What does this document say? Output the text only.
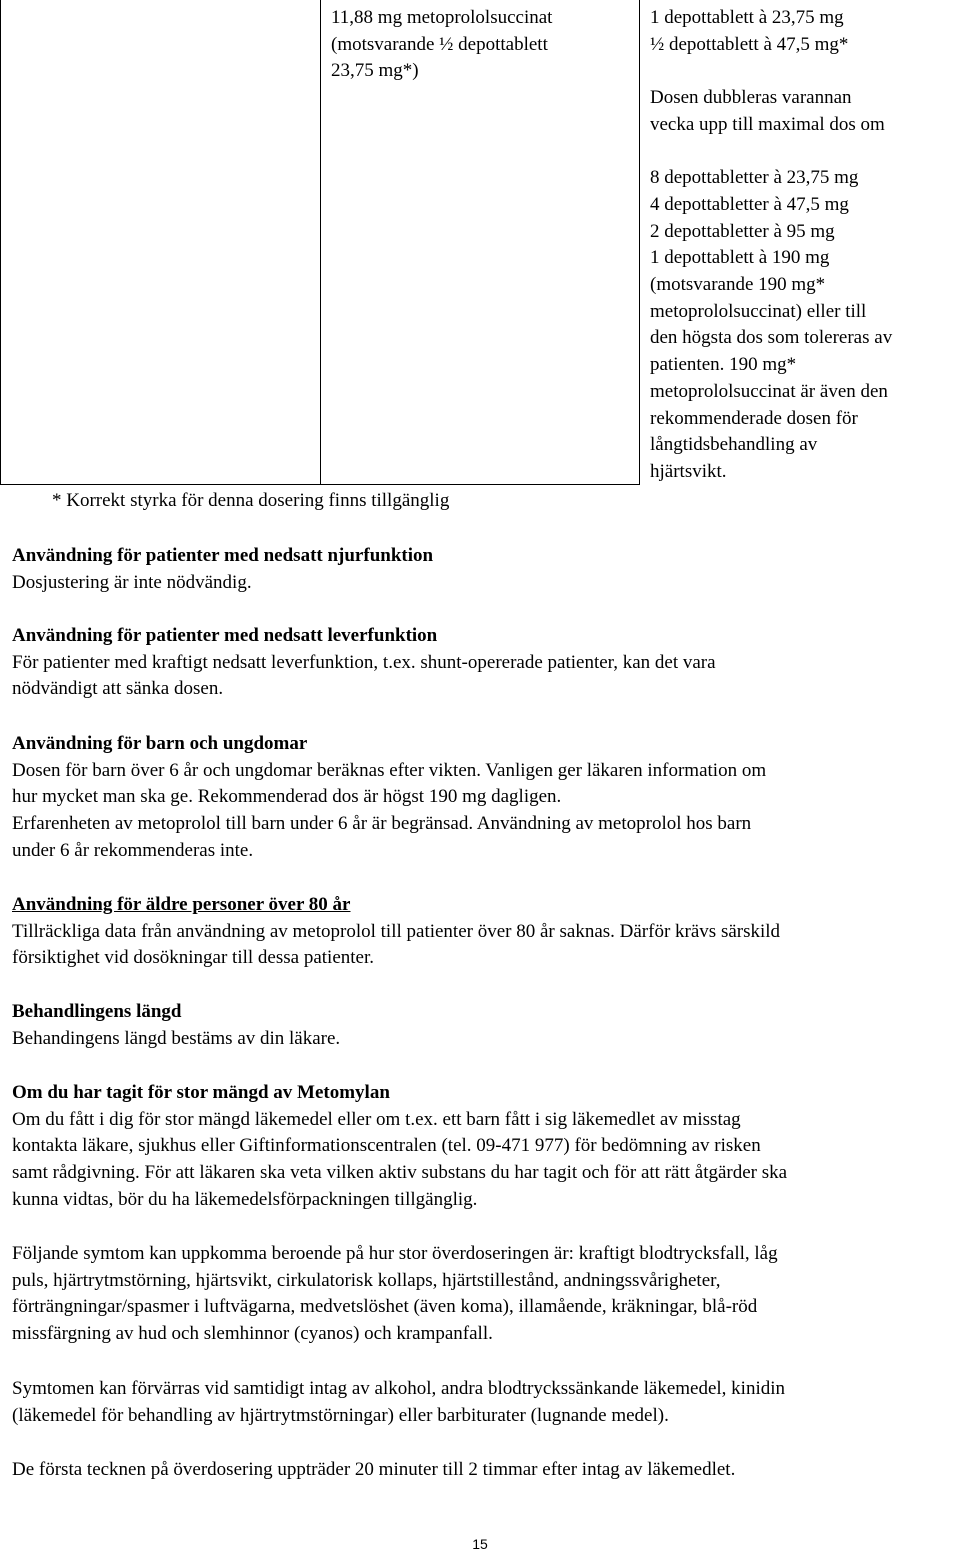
11,88 mg metoprololsuccinat
(motsvarande ½ depottablett
23,75 mg*)
1 depottablett à 23,75 mg
½ depottablett à 47,5 mg*
Dosen dubbleras varannan
vecka upp till maximal dos om
8 depottabletter à 23,75 mg
4 depottabletter à 47,5 mg
2 depottabletter à 95 mg
1 depottablett à 190 mg
(motsvarande 190 mg*
metoprololsuccinat) eller till
den högsta dos som tolereras av
patienten. 190 mg*
metoprololsuccinat är även den
rekommenderade dosen för
långtidsbehandling av
hjärtsvikt.
* Korrekt styrka för denna dosering finns tillgänglig
Användning för patienter med nedsatt njurfunktion
Dosjustering är inte nödvändig.
Användning för patienter med nedsatt leverfunktion
För patienter med kraftigt nedsatt leverfunktion, t.ex. shunt-opererade patienter, kan det vara
nödvändigt att sänka dosen.
Användning för barn och ungdomar
Dosen för barn över 6 år och ungdomar beräknas efter vikten. Vanligen ger läkaren information om
hur mycket man ska ge. Rekommenderad dos är högst 190 mg dagligen.
Erfarenheten av metoprolol till barn under 6 år är begränsad. Användning av metoprolol hos barn
under 6 år rekommenderas inte.
Användning för äldre personer över 80 år
Tillräckliga data från användning av metoprolol till patienter över 80 år saknas. Därför krävs särskild
försiktighet vid dosökningar till dessa patienter.
Behandlingens längd
Behandingens längd bestäms av din läkare.
Om du har tagit för stor mängd av Metomylan
Om du fått i dig för stor mängd läkemedel eller om t.ex. ett barn fått i sig läkemedlet av misstag
kontakta läkare, sjukhus eller Giftinformationscentralen (tel. 09-471 977) för bedömning av risken
samt rådgivning. För att läkaren ska veta vilken aktiv substans du har tagit och för att rätt åtgärder ska
kunna vidtas, bör du ha läkemedelsförpackningen tillgänglig.
Följande symtom kan uppkomma beroende på hur stor överdoseringen är: kraftigt blodtrycksfall, låg
puls, hjärtrytmstörning, hjärtsvikt, cirkulatorisk kollaps, hjärtstillestånd, andningssvårigheter,
förträngningar/spasmer i luftvägarna, medvetslöshet (även koma), illamående, kräkningar, blå-röd
missfärgning av hud och slemhinnor (cyanos) och krampanfall.
Symtomen kan förvärras vid samtidigt intag av alkohol, andra blodtryckssänkande läkemedel, kinidin
(läkemedel för behandling av hjärtrytmstörningar) eller barbiturater (lugnande medel).
De första tecknen på överdosering uppträder 20 minuter till 2 timmar efter intag av läkemedlet.
15
